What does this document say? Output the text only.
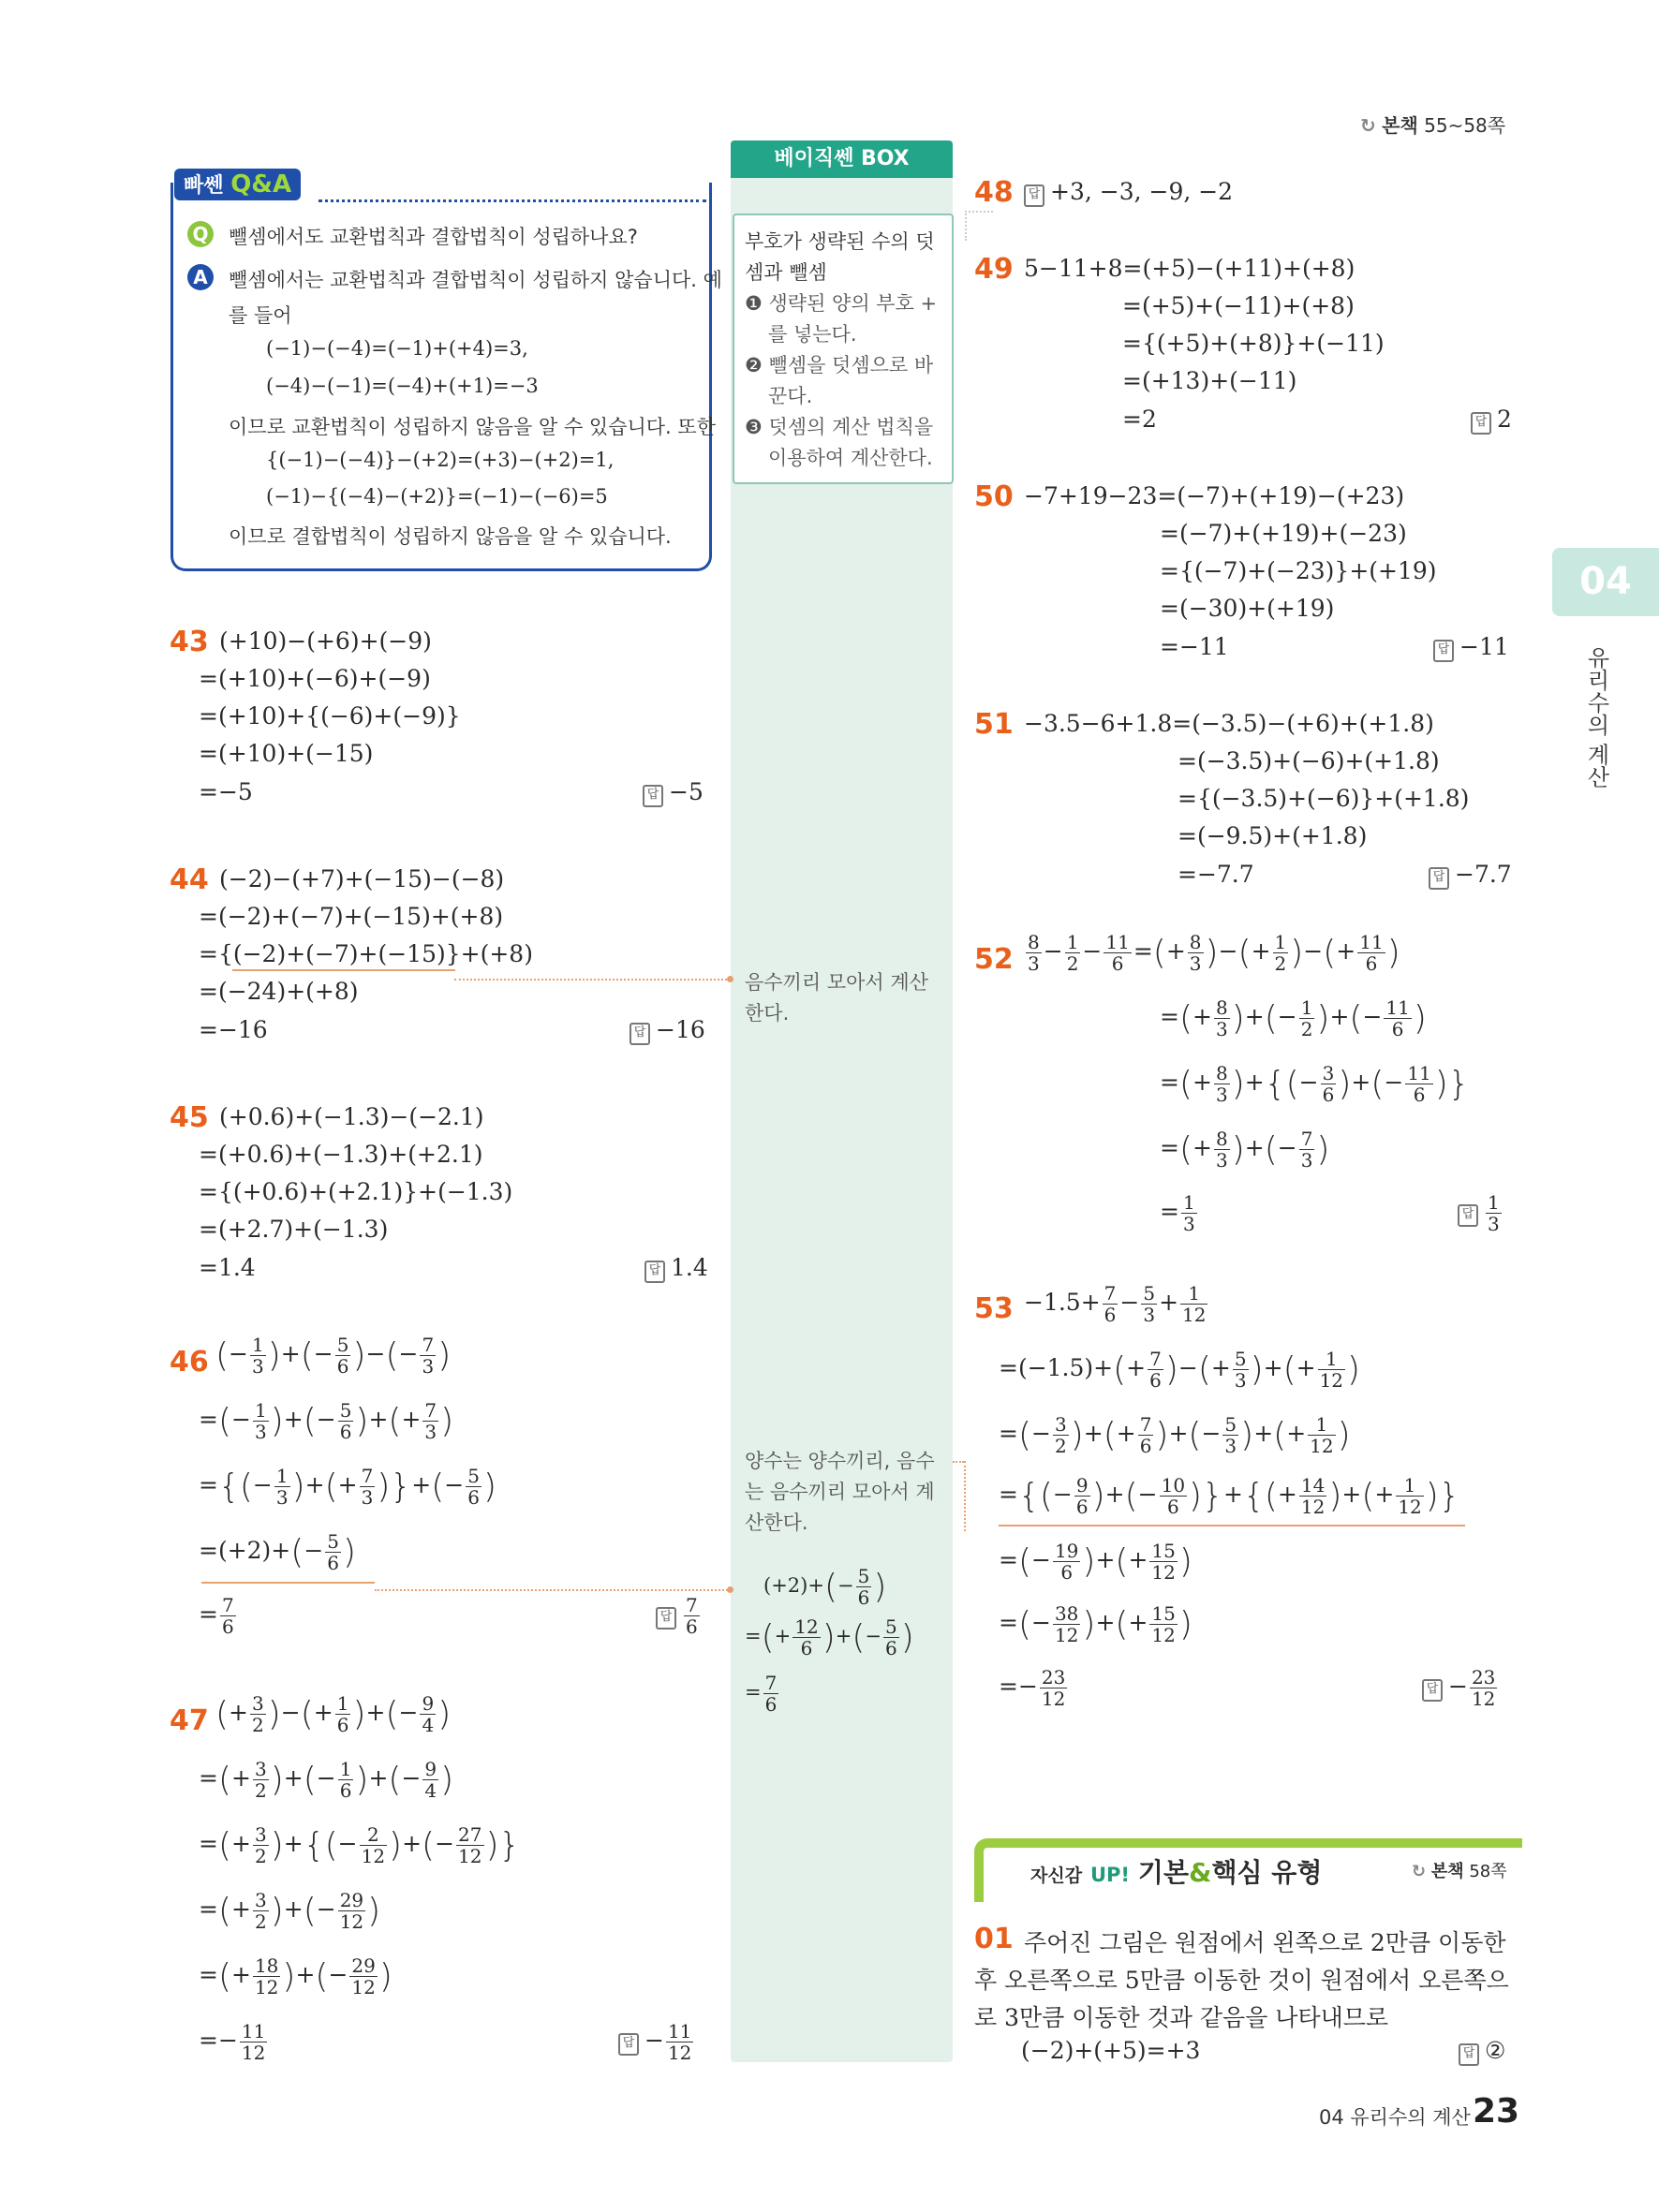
↻ 본책 55~58쪽
빠쎈 Q&A
Q 뺄셈에서도 교환법칙과 결합법칙이 성립하나요?
A 뺄셈에서는 교환법칙과 결합법칙이 성립하지 않습니다. 예
를 들어
(−1)−(−4)=(−1)+(+4)=3,
(−4)−(−1)=(−4)+(+1)=−3
이므로 교환법칙이 성립하지 않음을 알 수 있습니다. 또한
{(−1)−(−4)}−(+2)=(+3)−(+2)=1,
(−1)−{(−4)−(+2)}=(−1)−(−6)=5
이므로 결합법칙이 성립하지 않음을 알 수 있습니다.
베이직쎈 BOX
부호가 생략된 수의 덧
셈과 뺄셈
❶ 생략된 양의 부호 +
를 넣는다.
❷ 뺄셈을 덧셈으로 바
꾼다.
❸ 덧셈의 계산 법칙을
이용하여 계산한다.
음수끼리 모아서 계산
한다.
양수는 양수끼리, 음수
는 음수끼리 모아서 계
산한다.
$(+2)+(- \frac{5}{6}$ )
=(+ $\frac{12}{6}$ )+(− $\frac{5}{6}$ )
= $\frac{7}{6}$
43 (+10)−(+6)+(−9)
=(+10)+(−6)+(−9)
=(+10)+{(−6)+(−9)}
=(+10)+(−15)
=−5	답 −5
44 (−2)−(+7)+(−15)−(−8)
=(−2)+(−7)+(−15)+(+8)
={(−2)+(−7)+(−15)}+(+8)
=(−24)+(+8)
=−16	답 −16
45 (+0.6)+(−1.3)−(−2.1)
=(+0.6)+(−1.3)+(+2.1)
={(+0.6)+(+2.1)}+(−1.3)
=(+2.7)+(−1.3)
=1.4	답 1.4
46 (− $\frac{1}{3}$ )+(− $\frac{5}{6}$ )−(− $\frac{7}{3}$ )
=(− $\frac{1}{3}$ )+(− $\frac{5}{6}$ )+(+ $\frac{7}{3}$ )
={(− $\frac{1}{3}$ )+(+ $\frac{7}{3}$ )}+(− $\frac{5}{6}$ )
$=(+2)+(- \frac{5}{6}$ )
= $\frac{7}{6}$	답 $\frac{7}{6}$
47 (+ $\frac{3}{2}$ )−(+ $\frac{1}{6}$ )+(− $\frac{9}{4}$ )
=(+ $\frac{3}{2}$ )+(− $\frac{1}{6}$ )+(− $\frac{9}{4}$ )
=(+ $\frac{3}{2}$ )+{(− $\frac{2}{12}$ )+(− $\frac{27}{12}$ )}
=(+ $\frac{3}{2}$ )+(− $\frac{29}{12}$ )
=(+ $\frac{18}{12}$ )+(− $\frac{29}{12}$ )
=− $\frac{11}{12}$	답 − $\frac{11}{12}$
48	답 +3, −3, −9, −2
49 5−11+8=(+5)−(+11)+(+8)
=(+5)+(−11)+(+8)
={(+5)+(+8)}+(−11)
=(+13)+(−11)
=2	답 2
50 −7+19−23=(−7)+(+19)−(+23)
=(−7)+(+19)+(−23)
={(−7)+(−23)}+(+19)
=(−30)+(+19)
=−11	답 −11
51 −3.5−6+1.8=(−3.5)−(+6)+(+1.8)
=(−3.5)+(−6)+(+1.8)
={(−3.5)+(−6)}+(+1.8)
=(−9.5)+(+1.8)
=−7.7	답 −7.7
$52 \frac{8}{3} - \frac{1}{2} - \frac{11}{6}$ =(+ $\frac{8}{3}$ )−(+ $\frac{1}{2}$ )−(+ $\frac{11}{6}$ )
=(+ $\frac{8}{3}$ )+(− $\frac{1}{2}$ )+(− $\frac{11}{6}$ )
=(+ $\frac{8}{3}$ )+{(− $\frac{3}{6}$ )+(− $\frac{11}{6}$ )}
=(+ $\frac{8}{3}$ )+(− $\frac{7}{3}$ )
= $\frac{1}{3}$	답 $\frac{1}{3}$
$53 -1.5+ \frac{7}{6} - \frac{5}{3} + \frac{1}{12}$
$=(-1.5)+(+ \frac{7}{6}$ )−(+ $\frac{5}{3}$ )+(+ $\frac{1}{12}$ )
=(− $\frac{3}{2}$ )+(+ $\frac{7}{6}$ )+(− $\frac{5}{3}$ )+(+ $\frac{1}{12}$ )
={(− $\frac{9}{6}$ )+(− $\frac{10}{6}$ )}+{(+ $\frac{14}{12}$ )+(+ $\frac{1}{12}$ )}
=(− $\frac{19}{6}$ )+(+ $\frac{15}{12}$ )
=(− $\frac{38}{12}$ )+(+ $\frac{15}{12}$ )
=− $\frac{23}{12}$	답 − $\frac{23}{12}$
자신감 UP! 기본&핵심 유형	↻ 본책 58쪽
01 주어진 그림은 원점에서 왼쪽으로 2만큼 이동한
후 오른쪽으로 5만큼 이동한 것이 원점에서 오른쪽으
로 3만큼 이동한 것과 같음을 나타내므로
(−2)+(+5)=+3	답 ②
04
유리수의 계산
04 유리수의 계산 23
